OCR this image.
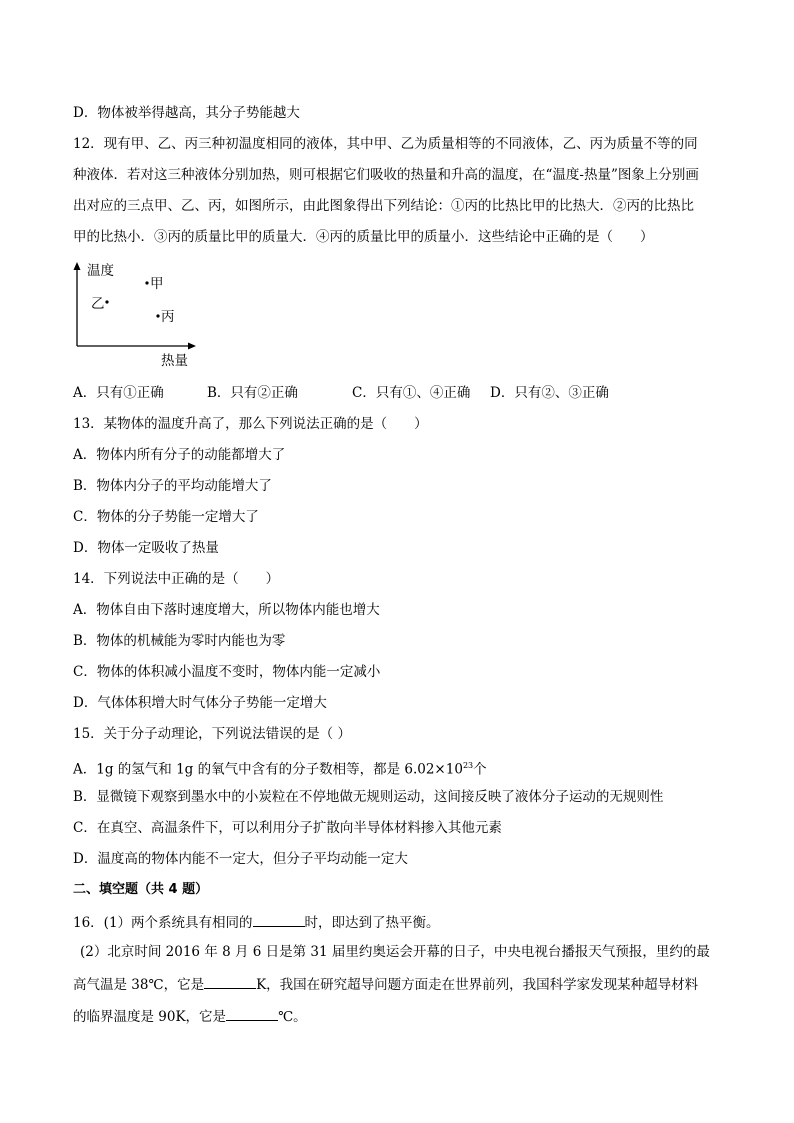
D．物体被举得越高，其分子势能越大
12．现有甲、乙、丙三种初温度相同的液体，其中甲、乙为质量相等的不同液体，乙、丙为质量不等的同
种液体．若对这三种液体分别加热，则可根据它们吸收的热量和升高的温度，在“温度-热量”图象上分别画
出对应的三点甲、乙、丙，如图所示，由此图象得出下列结论：①丙的比热比甲的比热大．②丙的比热比
甲的比热小．③丙的质量比甲的质量大．④丙的质量比甲的质量小．这些结论中正确的是（　　）
温度
热量
甲
乙
丙
A．只有①正确	B．只有②正确	C．只有①、④正确 D．只有②、③正确
13．某物体的温度升高了，那么下列说法正确的是（　　）
A．物体内所有分子的动能都增大了
B．物体内分子的平均动能增大了
C．物体的分子势能一定增大了
D．物体一定吸收了热量
14．下列说法中正确的是（　　）
A．物体自由下落时速度增大，所以物体内能也增大
B．物体的机械能为零时内能也为零
C．物体的体积减小温度不变时，物体内能一定减小
D．气体体积增大时气体分子势能一定增大
15．关于分子动理论，下列说法错误的是（ ）
A．1g 的氢气和 1g 的氧气中含有的分子数相等，都是 $6.02\times 10^{23}$个
B．显微镜下观察到墨水中的小炭粒在不停地做无规则运动，这间接反映了液体分子运动的无规则性
C．在真空、高温条件下，可以利用分子扩散向半导体材料掺入其他元素
D．温度高的物体内能不一定大，但分子平均动能一定大
二、填空题（共 4 题）
16．(1）两个系统具有相同的	时，即达到了热平衡。
(2）北京时间 2016 年 8 月 6 日是第 31 届里约奥运会开幕的日子，中央电视台播报天气预报，里约的最
高气温是 38℃，它是	K，我国在研究超导问题方面走在世界前列，我国科学家发现某种超导材料
的临界温度是 90K，它是	℃。
